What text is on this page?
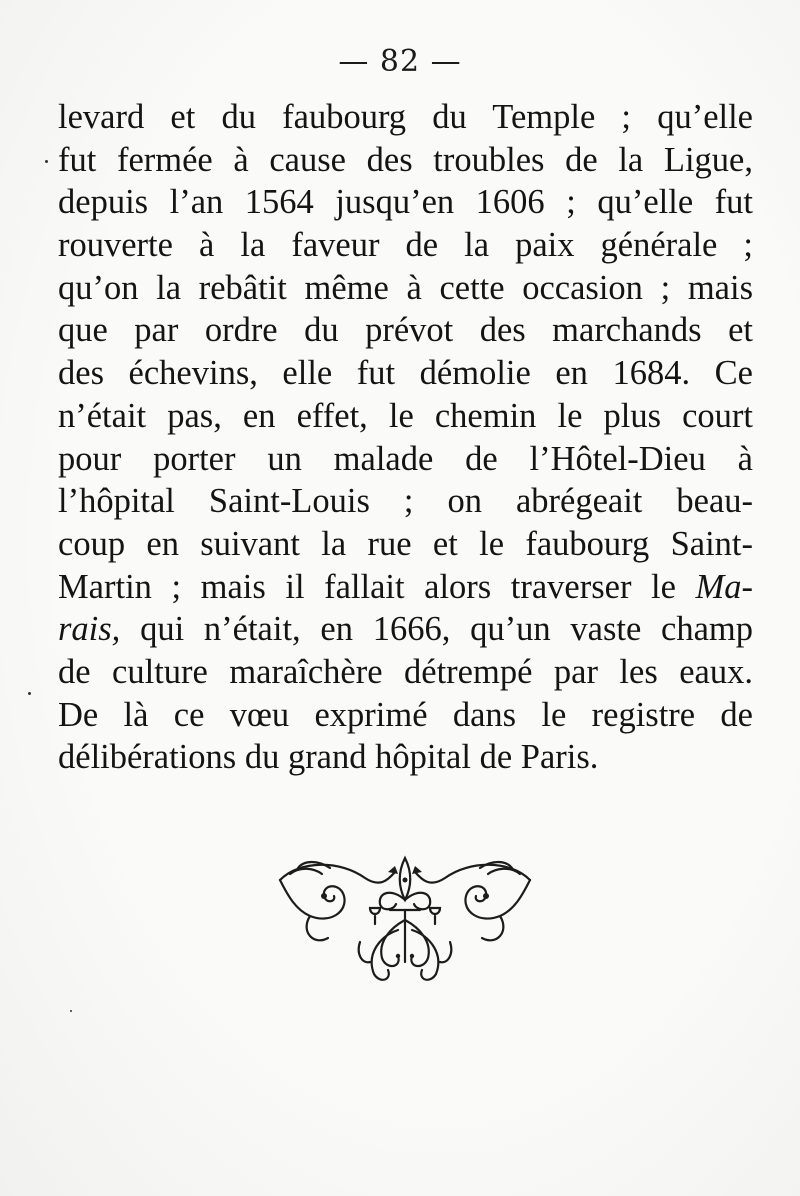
— 82 —
levard et du faubourg du Temple ; qu’elle
fut fermée à cause des troubles de la Ligue,
depuis l’an 1564 jusqu’en 1606 ; qu’elle fut
rouverte à la faveur de la paix générale ;
qu’on la rebâtit même à cette occasion ; mais
que par ordre du prévot des marchands et
des échevins, elle fut démolie en 1684. Ce
n’était pas, en effet, le chemin le plus court
pour porter un malade de l’Hôtel-Dieu à
l’hôpital Saint-Louis ; on abrégeait beau-
coup en suivant la rue et le faubourg Saint-
Martin ; mais il fallait alors traverser le Ma-
rais, qui n’était, en 1666, qu’un vaste champ
de culture maraîchère détrempé par les eaux.
De là ce vœu exprimé dans le registre de
délibérations du grand hôpital de Paris.
